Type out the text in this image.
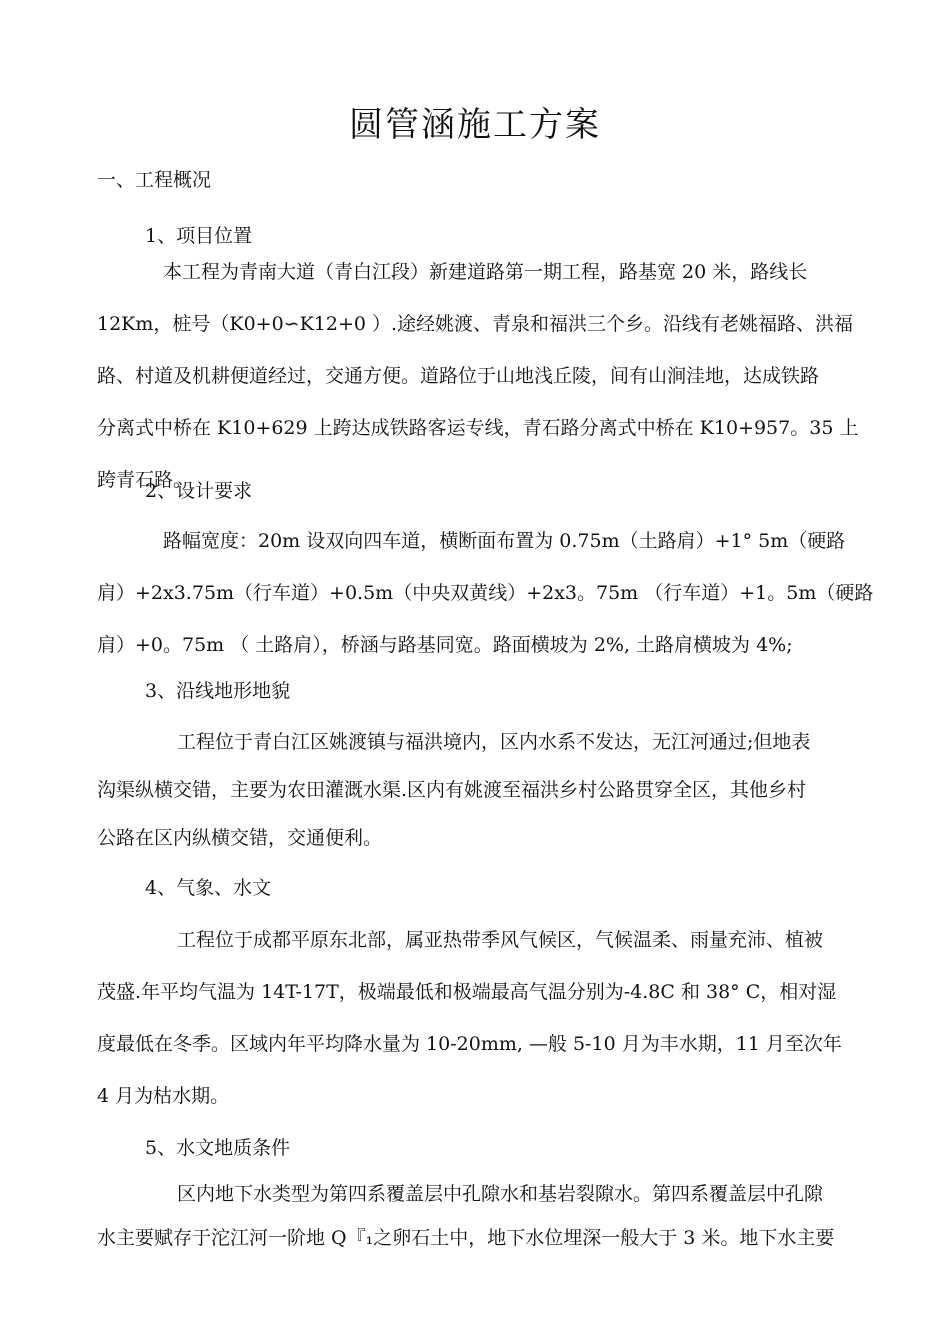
圆管涵施工方案
一、工程概况
1、项目位置
本工程为青南大道（青白江段）新建道路第一期工程，路基宽 20 米，路线长
12Km，桩号（K0+0∽K12+0 ）.途经姚渡、青泉和福洪三个乡。沿线有老姚福路、洪福
路、村道及机耕便道经过，交通方便。道路位于山地浅丘陵，间有山涧洼地，达成铁路
分离式中桥在 K10+629 上跨达成铁路客运专线，青石路分离式中桥在 K10+957。35 上
跨青石路。
2、设计要求
路幅宽度：20m 设双向四车道，横断面布置为 0.75m（土路肩）+1° 5m（硬路
肩）+2x3.75m（行车道）+0.5m（中央双黄线）+2x3。75m （行车道）+1。5m（硬路
肩）+0。75m （ 土路肩），桥涵与路基同宽。路面横坡为 2%, 土路肩横坡为 4%;
3、沿线地形地貌
工程位于青白江区姚渡镇与福洪境内，区内水系不发达，无江河通过;但地表
沟渠纵横交错，主要为农田灌溉水渠.区内有姚渡至福洪乡村公路贯穿全区，其他乡村
公路在区内纵横交错，交通便利。
4、气象、水文
工程位于成都平原东北部，属亚热带季风气候区，气候温柔、雨量充沛、植被
茂盛.年平均气温为 14T-17T，极端最低和极端最高气温分别为-4.8C 和 38° C，相对湿
度最低在冬季。区域内年平均降水量为 10-20mm, —般 5-10 月为丰水期，11 月至次年
4 月为枯水期。
5、水文地质条件
区内地下水类型为第四系覆盖层中孔隙水和基岩裂隙水。第四系覆盖层中孔隙
水主要赋存于沱江河一阶地 Q『₁之卵石土中，地下水位埋深一般大于 3 米。地下水主要
